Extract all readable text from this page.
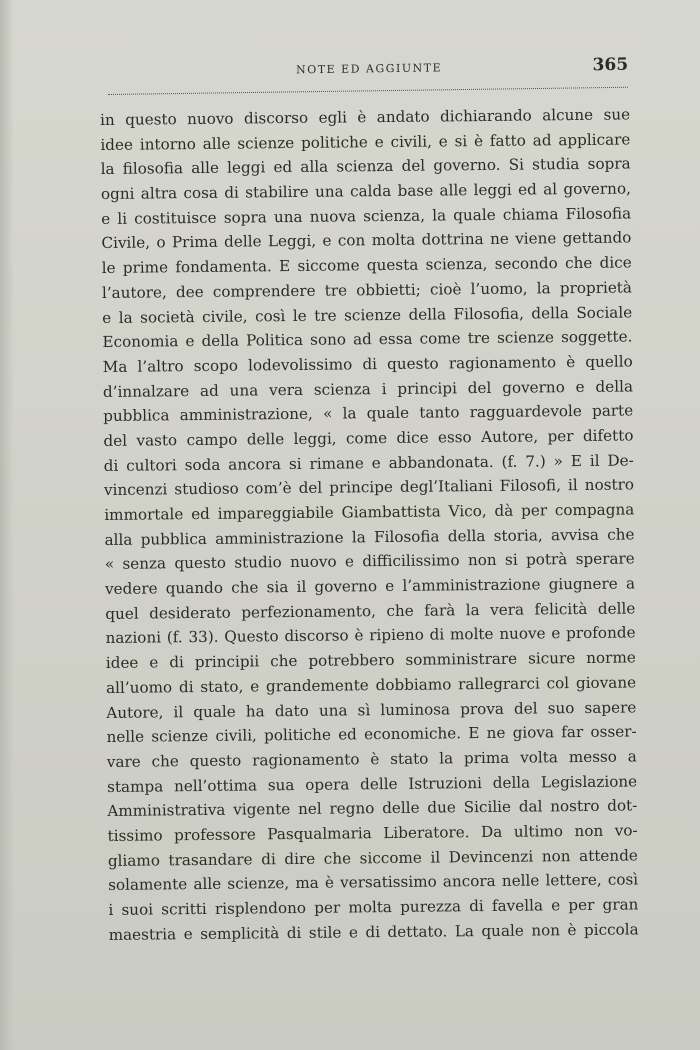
NOTE ED AGGIUNTE	365
in questo nuovo discorso egli è andato dichiarando alcune sue
idee intorno alle scienze politiche e civili, e si è fatto ad applicare
la filosofia alle leggi ed alla scienza del governo. Si studia sopra
ogni altra cosa di stabilire una calda base alle leggi ed al governo,
e li costituisce sopra una nuova scienza, la quale chiama Filosofia
Civile, o Prima delle Leggi, e con molta dottrina ne viene gettando
le prime fondamenta. E siccome questa scienza, secondo che dice
l’autore, dee comprendere tre obbietti; cioè l’uomo, la proprietà
e la società civile, così le tre scienze della Filosofia, della Sociale
Economia e della Politica sono ad essa come tre scienze soggette.
Ma l’altro scopo lodevolissimo di questo ragionamento è quello
d’innalzare ad una vera scienza i principi del governo e della
pubblica amministrazione, « la quale tanto ragguardevole parte
del vasto campo delle leggi, come dice esso Autore, per difetto
di cultori soda ancora si rimane e abbandonata. (f. 7.) » E il De-
vincenzi studioso com’è del principe degl’Italiani Filosofi, il nostro
immortale ed impareggiabile Giambattista Vico, dà per compagna
alla pubblica amministrazione la Filosofia della storia, avvisa che
« senza questo studio nuovo e difficilissimo non si potrà sperare
vedere quando che sia il governo e l’amministrazione giugnere a
quel desiderato perfezionamento, che farà la vera felicità delle
nazioni (f. 33). Questo discorso è ripieno di molte nuove e profonde
idee e di principii che potrebbero somministrare sicure norme
all’uomo di stato, e grandemente dobbiamo rallegrarci col giovane
Autore, il quale ha dato una sì luminosa prova del suo sapere
nelle scienze civili, politiche ed economiche. E ne giova far osser-
vare che questo ragionamento è stato la prima volta messo a
stampa nell’ottima sua opera delle Istruzioni della Legislazione
Amministrativa vigente nel regno delle due Sicilie dal nostro dot-
tissimo professore Pasqualmaria Liberatore. Da ultimo non vo-
gliamo trasandare di dire che siccome il Devincenzi non attende
solamente alle scienze, ma è versatissimo ancora nelle lettere, così
i suoi scritti risplendono per molta purezza di favella e per gran
maestria e semplicità di stile e di dettato. La quale non è piccola
